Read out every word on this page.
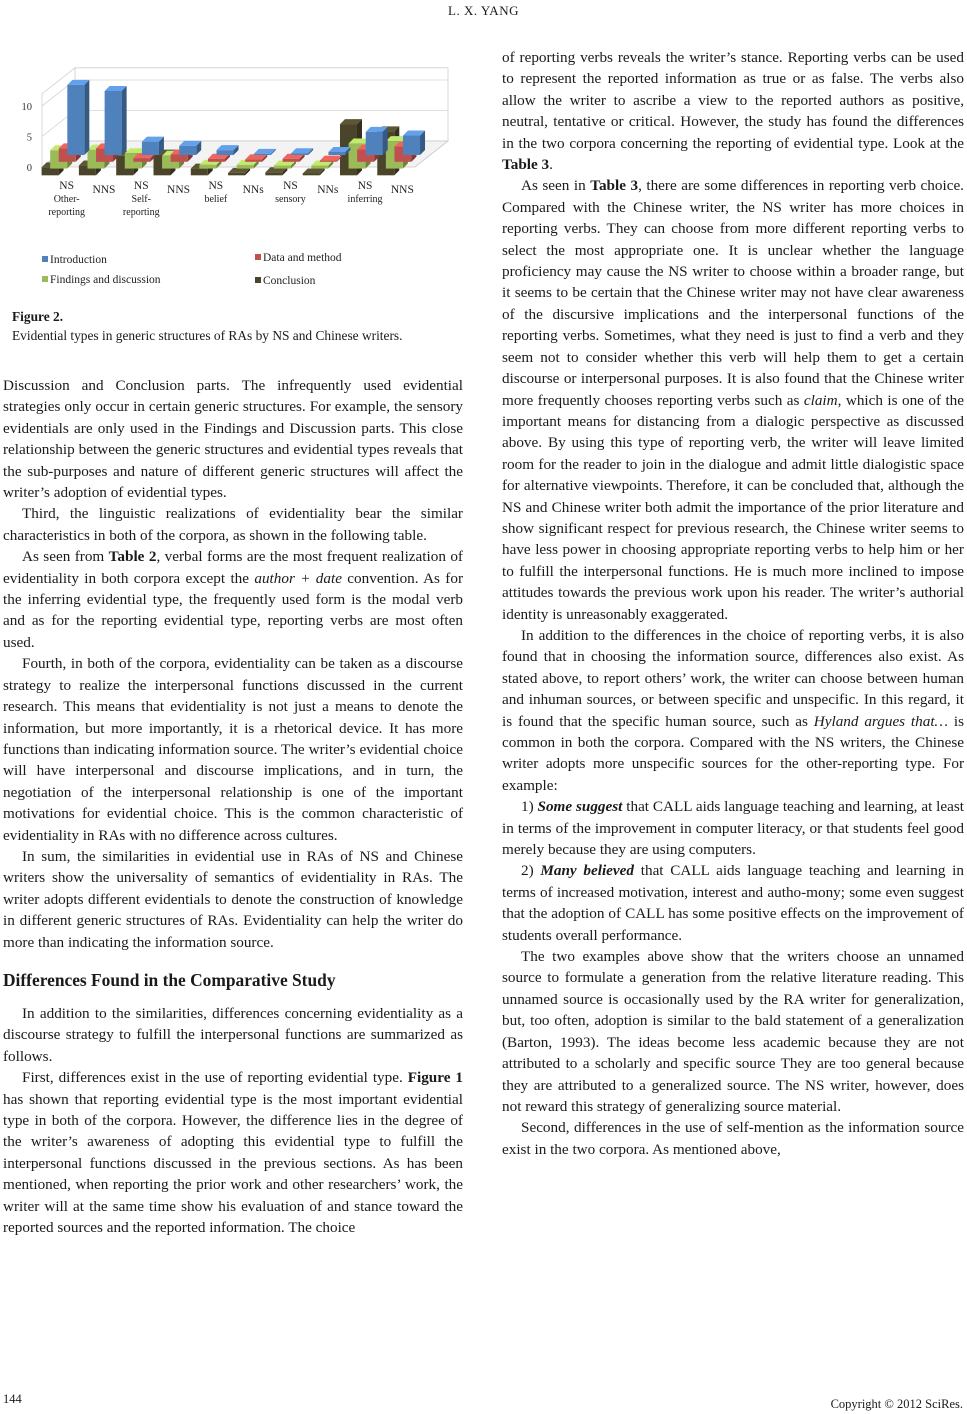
L. X. YANG
0
5
10
NS
Other-
reporting
NNS NS
Self-
reporting
NNS NS
belief
NNs NS
sensory
NNs NS
inferring
NNS
Introduction	Data and method
Findings and discussion	Conclusion
Figure 2.
Evidential types in generic structures of RAs by NS and Chinese writers.

Discussion and Conclusion parts. The infrequently used evidential strategies only occur in certain generic structures. For example, the sensory evidentials are only used in the Findings and Discussion parts. This close relationship between the generic structures and evidential types reveals that the sub-purposes and nature of different generic structures will affect the writer’s adoption of evidential types.

Third, the linguistic realizations of evidentiality bear the similar characteristics in both of the corpora, as shown in the following table.

As seen from Table 2, verbal forms are the most frequent realization of evidentiality in both corpora except the author + date convention. As for the inferring evidential type, the frequently used form is the modal verb and as for the reporting evidential type, reporting verbs are most often used.

Fourth, in both of the corpora, evidentiality can be taken as a discourse strategy to realize the interpersonal functions discussed in the current research. This means that evidentiality is not just a means to denote the information, but more importantly, it is a rhetorical device. It has more functions than indicating information source. The writer’s evidential choice will have interpersonal and discourse implications, and in turn, the negotiation of the interpersonal relationship is one of the important motivations for evidential choice. This is the common characteristic of evidentiality in RAs with no difference across cultures.

In sum, the similarities in evidential use in RAs of NS and Chinese writers show the universality of semantics of evidentiality in RAs. The writer adopts different evidentials to denote the construction of knowledge in different generic structures of RAs. Evidentiality can help the writer do more than indicating the information source.

Differences Found in the Comparative Study

In addition to the similarities, differences concerning evidentiality as a discourse strategy to fulfill the interpersonal functions are summarized as follows.

First, differences exist in the use of reporting evidential type. Figure 1 has shown that reporting evidential type is the most important evidential type in both of the corpora. However, the difference lies in the degree of the writer’s awareness of adopting this evidential type to fulfill the interpersonal functions discussed in the previous sections. As has been mentioned, when reporting the prior work and other researchers’ work, the writer will at the same time show his evaluation of and stance toward the reported sources and the reported information. The choice

of reporting verbs reveals the writer’s stance. Reporting verbs can be used to represent the reported information as true or as false. The verbs also allow the writer to ascribe a view to the reported authors as positive, neutral, tentative or critical. However, the study has found the differences in the two corpora concerning the reporting of evidential type. Look at the Table 3.

As seen in Table 3, there are some differences in reporting verb choice. Compared with the Chinese writer, the NS writer has more choices in reporting verbs. They can choose from more different reporting verbs to select the most appropriate one. It is unclear whether the language proficiency may cause the NS writer to choose within a broader range, but it seems to be certain that the Chinese writer may not have clear awareness of the discursive implications and the interpersonal functions of the reporting verbs. Sometimes, what they need is just to find a verb and they seem not to consider whether this verb will help them to get a certain discourse or interpersonal purposes. It is also found that the Chinese writer more frequently chooses reporting verbs such as claim, which is one of the important means for distancing from a dialogic perspective as discussed above. By using this type of reporting verb, the writer will leave limited room for the reader to join in the dialogue and admit little dialogistic space for alternative viewpoints. Therefore, it can be concluded that, although the NS and Chinese writer both admit the importance of the prior literature and show significant respect for previous research, the Chinese writer seems to have less power in choosing appropriate reporting verbs to help him or her to fulfill the interpersonal functions. He is much more inclined to impose attitudes towards the previous work upon his reader. The writer’s authorial identity is unreasonably exaggerated.

In addition to the differences in the choice of reporting verbs, it is also found that in choosing the information source, differences also exist. As stated above, to report others’ work, the writer can choose between human and inhuman sources, or between specific and unspecific. In this regard, it is found that the specific human source, such as Hyland argues that… is common in both the corpora. Compared with the NS writers, the Chinese writer adopts more unspecific sources for the other-reporting type. For example:

1) Some suggest that CALL aids language teaching and learning, at least in terms of the improvement in computer literacy, or that students feel good merely because they are using computers.

2) Many believed that CALL aids language teaching and learning in terms of increased motivation, interest and autho-mony; some even suggest that the adoption of CALL has some positive effects on the improvement of students overall performance.

The two examples above show that the writers choose an unnamed source to formulate a generation from the relative literature reading. This unnamed source is occasionally used by the RA writer for generalization, but, too often, adoption is similar to the bald statement of a generalization (Barton, 1993). The ideas become less academic because they are not attributed to a scholarly and specific source They are too general because they are attributed to a generalized source. The NS writer, however, does not reward this strategy of generalizing source material.

Second, differences in the use of self-mention as the information source exist in the two corpora. As mentioned above,

144	Copyright © 2012 SciRes.
